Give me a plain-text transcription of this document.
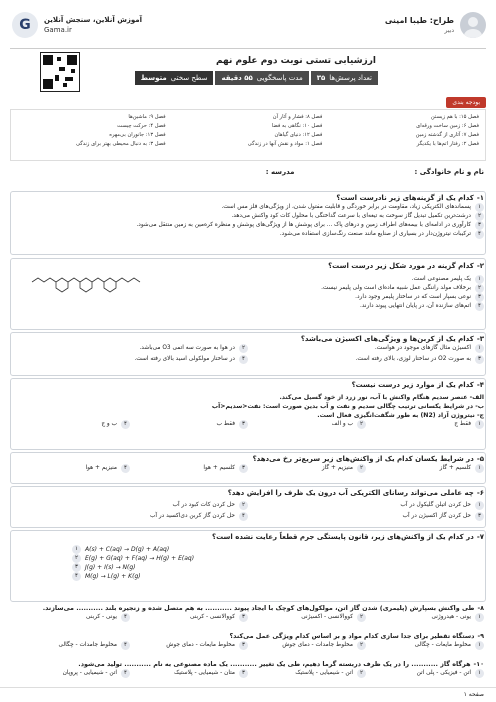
طراح: طیبا امینی
دبیر
G	آموزش آنلاین، سنجش آنلاین
Gama.ir
ارزشیابی تستی نوبت دوم علوم نهم
تعداد پرسش‌ها
۳۵
مدت پاسخگویی
۵۵ دقیقه
سطح سختی
متوسط
بودجه بندی
فصل ۱۵: با هم زیستن
فصل ۸: فشار و آثار آن
فصل ۹: ماشین‌ها
فصل ۶: زمین ساخت ورقه‌ای
فصل ۱۰: نگاهی به فضا
فصل ۴: حرکت چیست
فصل ۷: آثاری از گذشته زمین
فصل ۱۲: دنیای گیاهان
فصل ۱۳: جانوران بی‌مهره
فصل ۲: رفتار اتم‌ها با یکدیگر
فصل ۱: مواد و نقش آنها در زندگی
فصل ۳: به دنبال محیطی بهتر برای زندگی
نام و نام خانوادگی :
مدرسه :
۱-کدام یک از گزینه‌های زیر نادرست است؟
۱
پسماندهای الکتریکی زیاد، مقاومت در برابر خوردگی و قابلیت مفتول شدن، از ویژگی‌های فلز مس است.
۲
درشت‌ترین تکمیل تبدیل گاز سوخت به تیغه‌ای با سرعت گداختگی با محلول کات کود واکنش می‌دهد.
۳
کارآوری در ادامه‌ای با بیمه‌های اطراف زمین و درهای پاک ... برای پوشش ها از ویژگی‌های پوشش و منظره کره‌مین به زمین منتقل می‌شود.
۴
ترکیبات نیتروژن‌دار در بسیاری از صنایع مانند صنعت رنگ‌سازی استفاده می‌شود.
۲-کدام گزینه در مورد شکل زیر درست است؟
۱
یک پلیمر مصنوعی است.
۲
برخلاف مولد راننگی عمل شبیه ماده‌ای است ولی پلیمر نیست.
۳
نوعی بسپار است که در ساختار پلیمر وجود دارد.
۴
اتم‌های سازنده آن، در پایان انتهایی پیوند دارند.
۳-کدام یک از کربن‌ها و ویژگی‌های اکسیژن می‌باشد؟
۱
اکسیژن مثال گازهای موجود در هواست.
۲
در هوا به صورت سه اتمی O3 می‌باشد.
۳
به صورت O2 در ساختار لوزی، بالای رفته است.
۴
در ساختار مولکولی اسید بالای رفته است.
۴-کدام یک از موارد زیر درست نیست؟
الف- عنصر سدیم هنگام واکنش با آب، نور زرد از خود گسیل می‌کند.
ب- در شرایط یکسانی ترتیب چگالی سدیم و نفت و آب بدین صورت است: نفت<سدیم<آب
ج- نیتروژن آزاد (N2) به طور شگفت‌انگیزی فعال است.
۱
فقط ج
۲
ب و الف
۳
فقط ب
۴
ب و ج
۵-در شرایط یکسان کدام یک از واکنش‌های زیر سریع‌تر رخ می‌دهد؟
۱
کلسیم + گاز
۲
منیزیم + گاز
۳
کلسیم + هوا
۴
منیزیم + هوا
۶-چه عاملی می‌تواند رسانای الکتریکی آب درون یک ظرف را افزایش دهد؟
۱
حل کردن اتیلن گلیکول در آب
۲
حل کردن کات کبود در آب
۳
حل کردن گاز اکسیژن در آب
۴
حل کردن گاز کربن دی‌اکسید در آب
۷-در کدام یک از واکنش‌های زیر، قانون پایستگی جرم قطعاً رعایت نشده است؟
۱	A(s) + C(aq) → D(g) + A(aq)
۲	E(g) + G(aq) + F(aq) → H(g) + E(aq)
۳	J(g) + I(s) → N(g)
۴	M(g) → L(g) + K(g)
۸-طی واکنش بسپارش (پلیمری) شدن گاز اتن، مولکول‌های کوچک با ایجاد پیوند ........... به هم متصل شده و زنجیره بلند ........... می‌سازند.
۱
یونی - هیدروژنی
۲
کووالانسی - اکسیژنی
۳
کووالانسی - کربنی
۴
یونی - کربنی
۹-دستگاه تقطیر برای جدا سازی کدام مواد و بر اساس کدام ویژگی عمل می‌کند؟
۱
مخلوط مایعات - چگالی
۲
مخلوط جامدات - دمای جوش
۳
مخلوط مایعات - دمای جوش
۴
مخلوط جامدات - چگالی
۱۰-هرگاه گاز ........... را در یک ظرف دربسته گرما دهیم، طی یک تغییر ........... یک ماده مصنوعی به نام ........... تولید می‌شود.
۱
اتن - فیزیکی - پلی اتن
۲
اتن - شیمیایی - پلاستیک
۳
متان - شیمیایی - پلاستیک
۴
اتن - شیمیایی - پروپان
صفحه ۱
